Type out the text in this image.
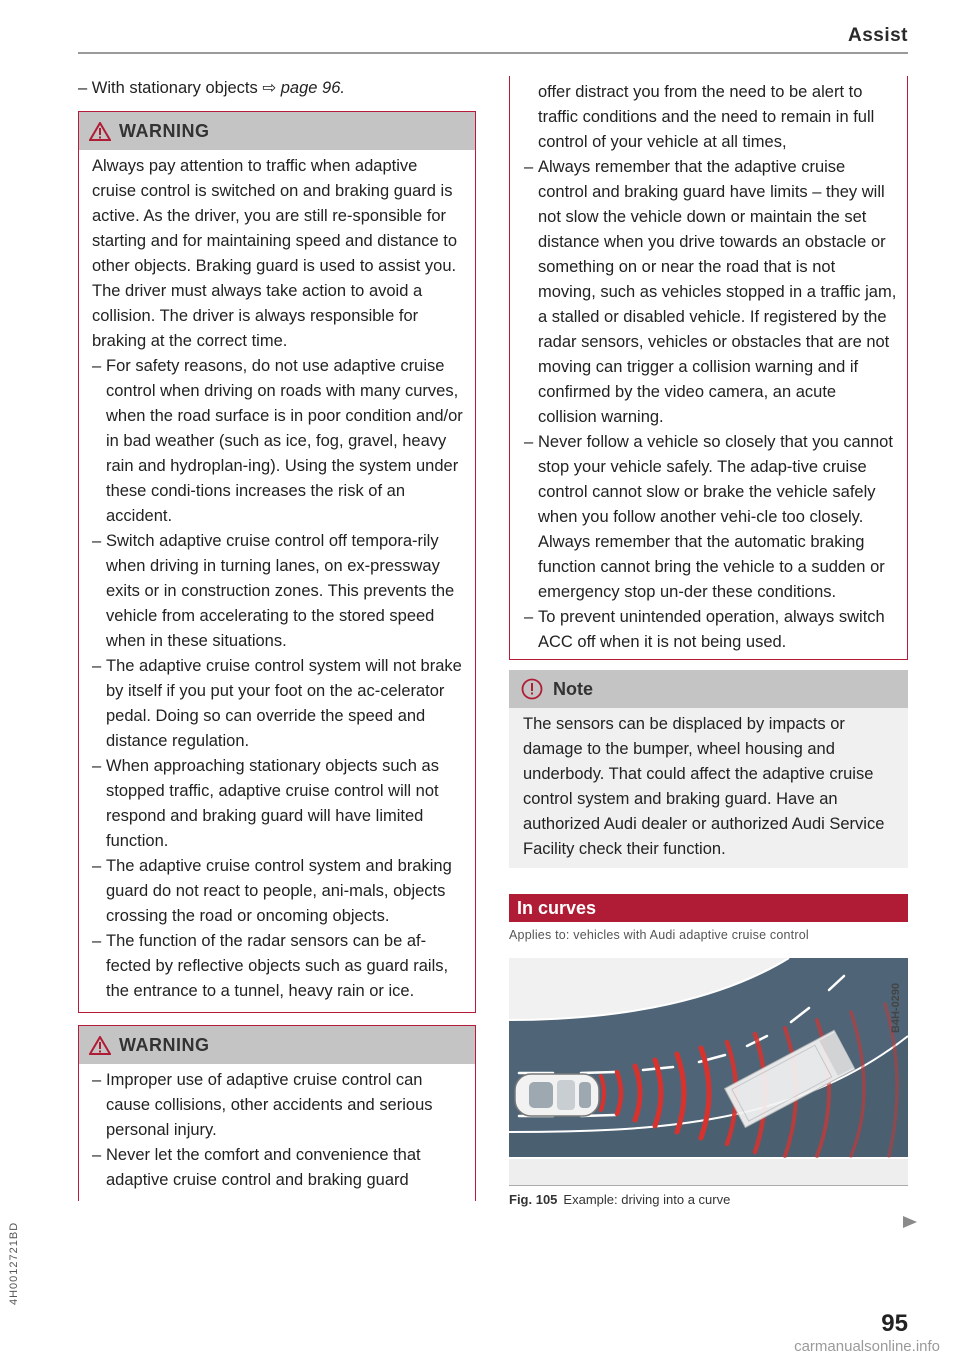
Assist

– With stationary objects ⇨ page 96.

WARNING

Always pay attention to traffic when adaptive cruise control is switched on and braking guard is active. As the driver, you are still re-sponsible for starting and for maintaining speed and distance to other objects. Braking guard is used to assist you. The driver must always take action to avoid a collision. The driver is always responsible for braking at the correct time.

– For safety reasons, do not use adaptive cruise control when driving on roads with many curves, when the road surface is in poor condition and/or in bad weather (such as ice, fog, gravel, heavy rain and hydroplan-ing). Using the system under these condi-tions increases the risk of an accident.
– Switch adaptive cruise control off tempora-rily when driving in turning lanes, on ex-pressway exits or in construction zones. This prevents the vehicle from accelerating to the stored speed when in these situations.
– The adaptive cruise control system will not brake by itself if you put your foot on the ac-celerator pedal. Doing so can override the speed and distance regulation.
– When approaching stationary objects such as stopped traffic, adaptive cruise control will not respond and braking guard will have limited function.
– The adaptive cruise control system and braking guard do not react to people, ani-mals, objects crossing the road or oncoming objects.
– The function of the radar sensors can be af-fected by reflective objects such as guard rails, the entrance to a tunnel, heavy rain or ice.
WARNING
– Improper use of adaptive cruise control can cause collisions, other accidents and serious personal injury.
– Never let the comfort and convenience that adaptive cruise control and braking guard

offer distract you from the need to be alert to traffic conditions and the need to remain in full control of your vehicle at all times,

– Always remember that the adaptive cruise control and braking guard have limits – they will not slow the vehicle down or maintain the set distance when you drive towards an obstacle or something on or near the road that is not moving, such as vehicles stopped in a traffic jam, a stalled or disabled vehicle. If registered by the radar sensors, vehicles or obstacles that are not moving can trigger a collision warning and if confirmed by the video camera, an acute collision warning.
– Never follow a vehicle so closely that you cannot stop your vehicle safely. The adap-tive cruise control cannot slow or brake the vehicle safely when you follow another vehi-cle too closely. Always remember that the automatic braking function cannot bring the vehicle to a sudden or emergency stop un-der these conditions.
– To prevent unintended operation, always switch ACC off when it is not being used.
Note

The sensors can be displaced by impacts or damage to the bumper, wheel housing and underbody. That could affect the adaptive cruise control system and braking guard. Have an authorized Audi dealer or authorized Audi Service Facility check their function.

In curves
Applies to: vehicles with Audi adaptive cruise control
B4H-0290
Fig. 105 Example: driving into a curve
4H0012721BD
95
carmanualsonline.info
